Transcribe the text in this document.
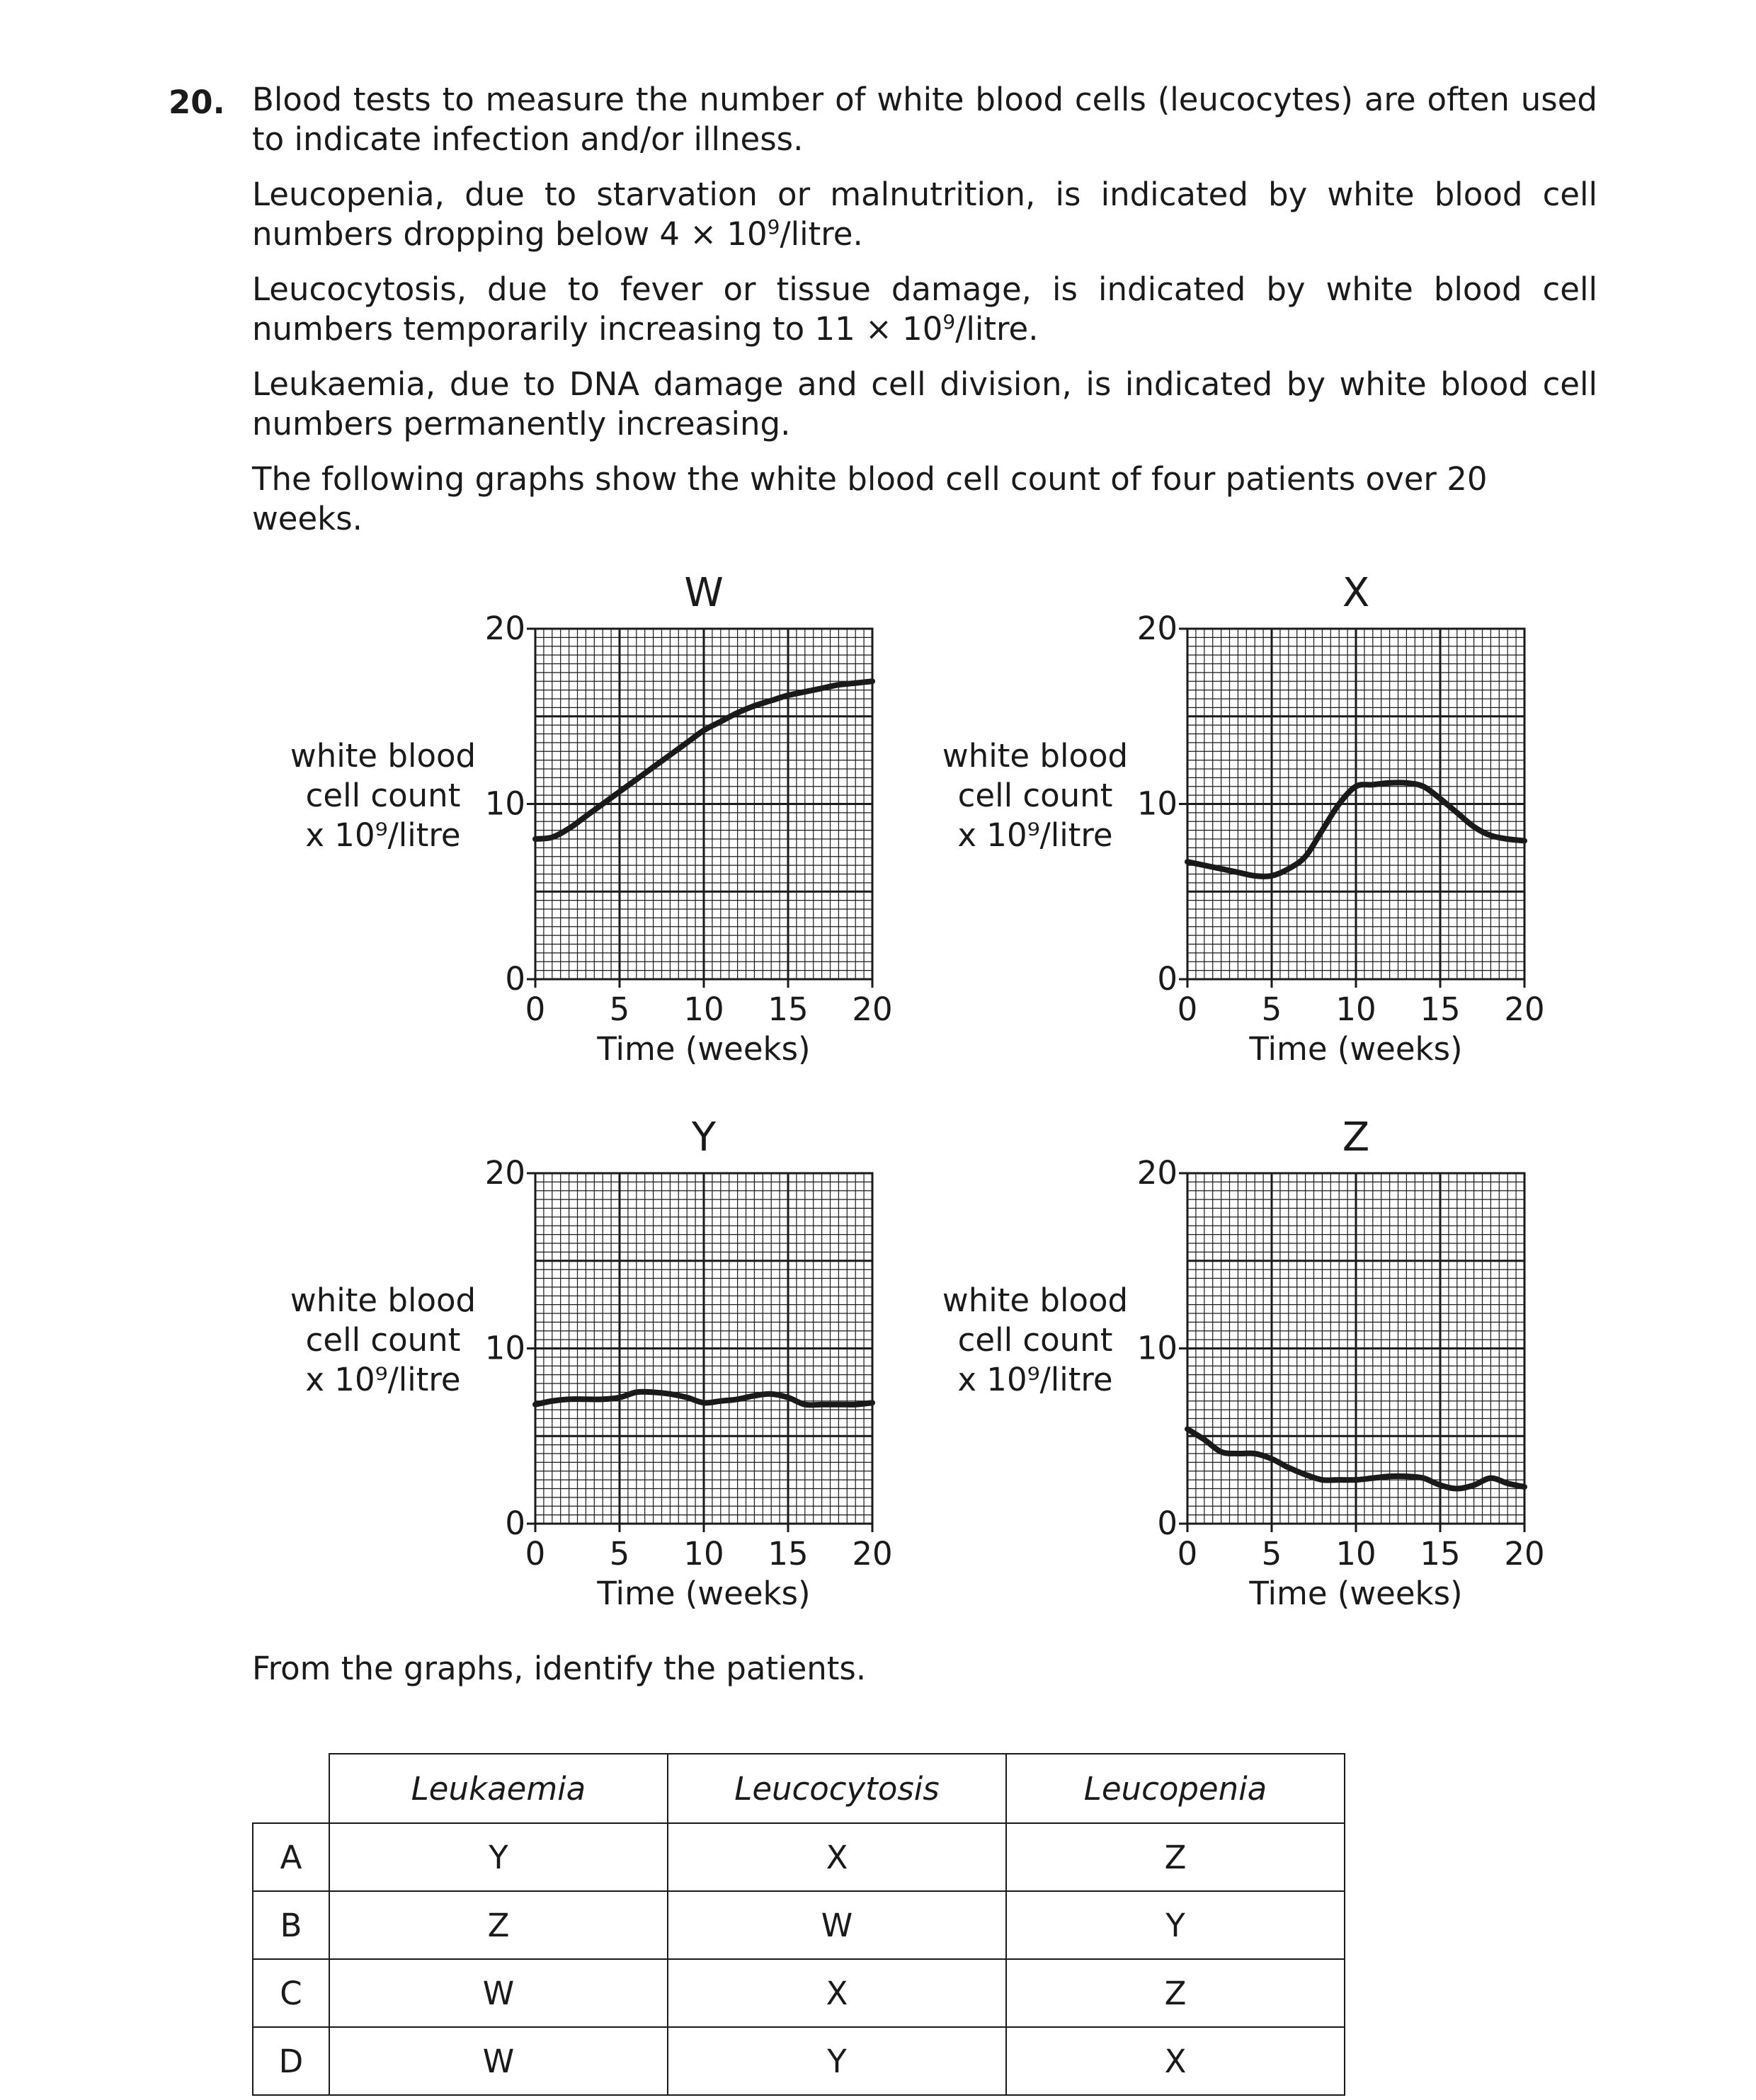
20. Blood tests to measure the number of white blood cells (leucocytes) are often used to indicate infection and/or illness.

Leucopenia, due to starvation or malnutrition, is indicated by white blood cell numbers dropping below $4 \times 10^9$/litre.

Leucocytosis, due to fever or tissue damage, is indicated by white blood cell numbers temporarily increasing to $11 \times 10^9$/litre.

Leukaemia, due to DNA damage and cell division, is indicated by white blood cell numbers permanently increasing.

The following graphs show the white blood cell count of four patients over 20 weeks.

0
10
20
0 5 10 15 20
Time (weeks)
W
white blood
cell count
x 10⁹/litre
0
10
20
0 5 10 15 20
Time (weeks)
X
white blood
cell count
x 10⁹/litre
0
10
20
0 5 10 15 20
Time (weeks)
Y
white blood
cell count
x 10⁹/litre
0
10
20
0 5 10 15 20
Time (weeks)
Z
white blood
cell count
x 10⁹/litre

From the graphs, identify the patients.

	Leukaemia	Leucocytosis	Leucopenia
A	Y	X	Z
B	Z	W	Y
C	W	X	Z
D	W	Y	X
